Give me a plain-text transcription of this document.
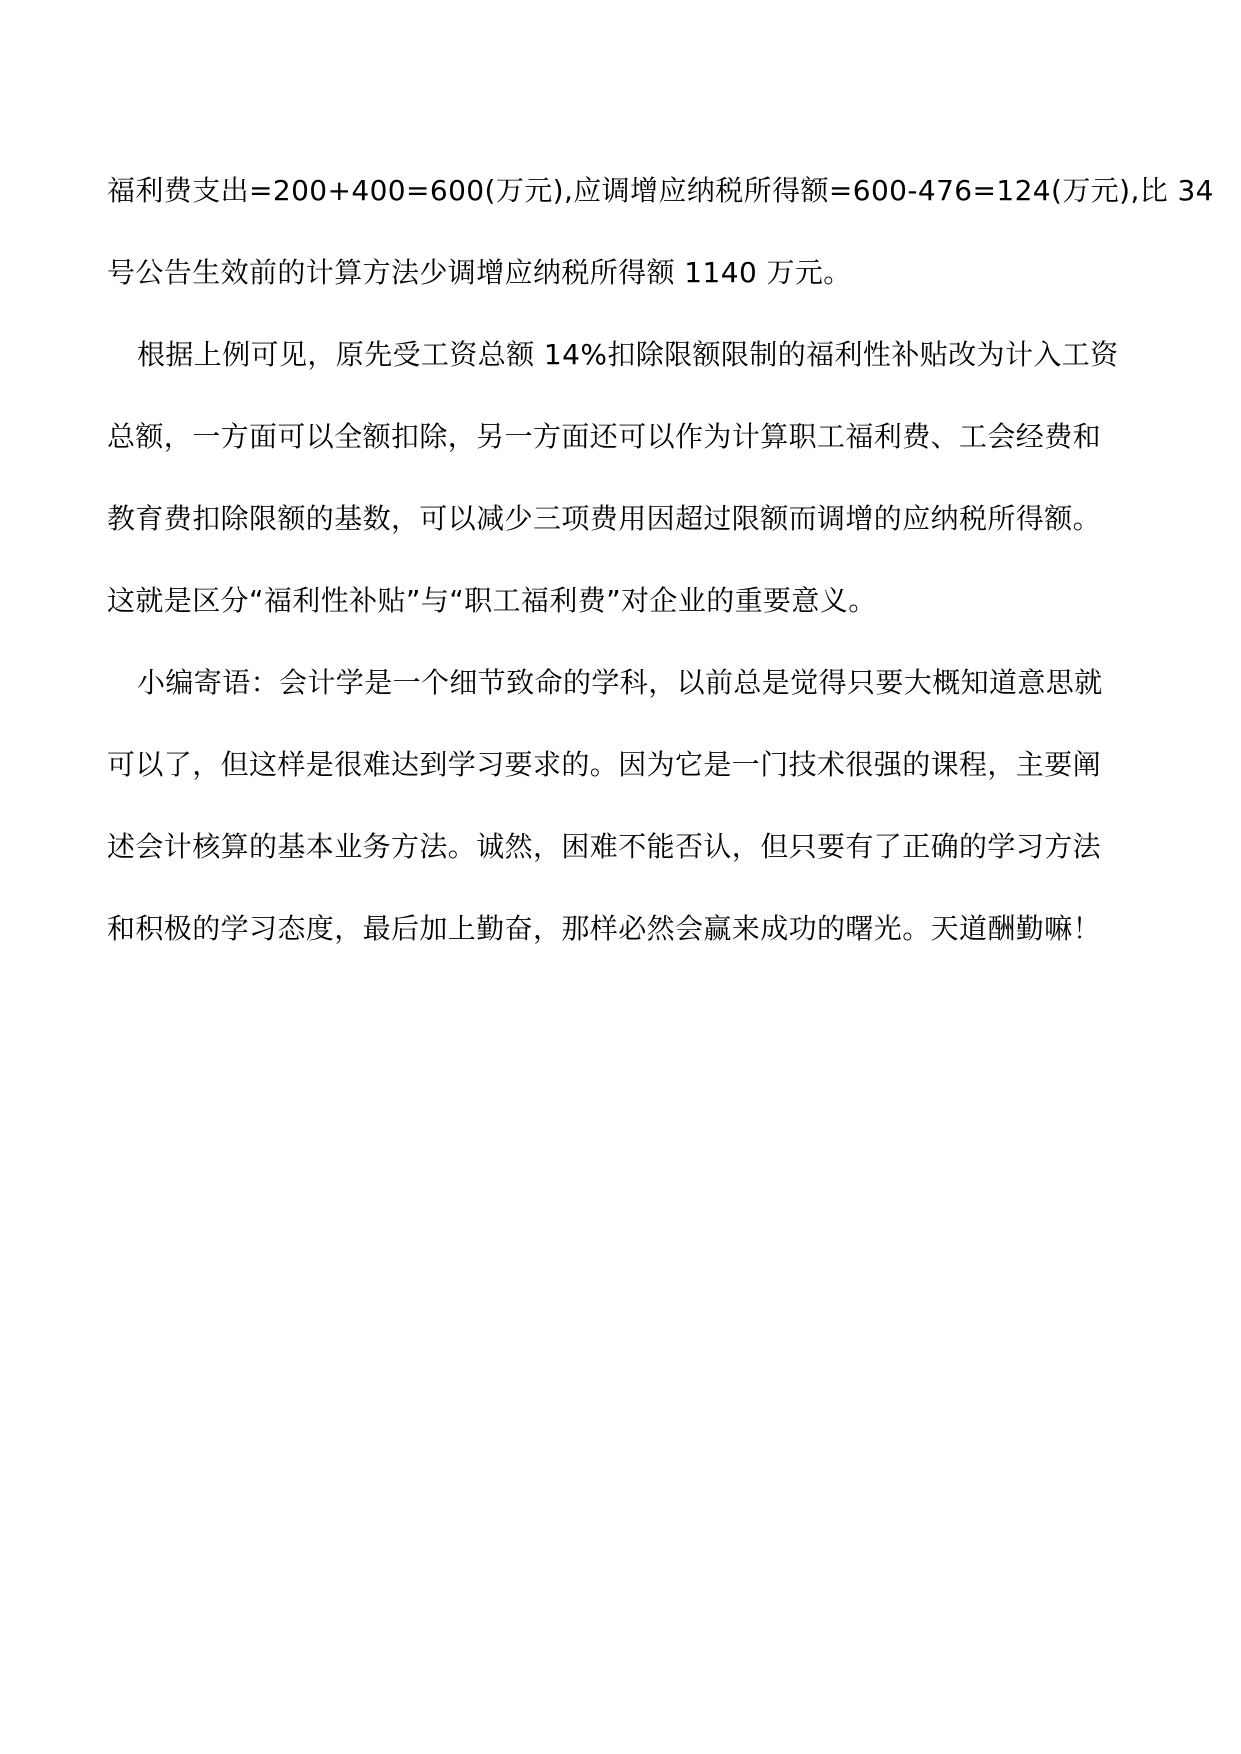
福利费支出=200+400=600(万元),应调增应纳税所得额=600-476=124(万元),比 34
号公告生效前的计算方法少调增应纳税所得额 1140 万元。
根据上例可见，原先受工资总额 14%扣除限额限制的福利性补贴改为计入工资
总额，一方面可以全额扣除，另一方面还可以作为计算职工福利费、工会经费和
教育费扣除限额的基数，可以减少三项费用因超过限额而调增的应纳税所得额。
这就是区分“福利性补贴”与“职工福利费”对企业的重要意义。
小编寄语：会计学是一个细节致命的学科，以前总是觉得只要大概知道意思就
可以了，但这样是很难达到学习要求的。因为它是一门技术很强的课程，主要阐
述会计核算的基本业务方法。诚然，困难不能否认，但只要有了正确的学习方法
和积极的学习态度，最后加上勤奋，那样必然会赢来成功的曙光。天道酬勤嘛！
